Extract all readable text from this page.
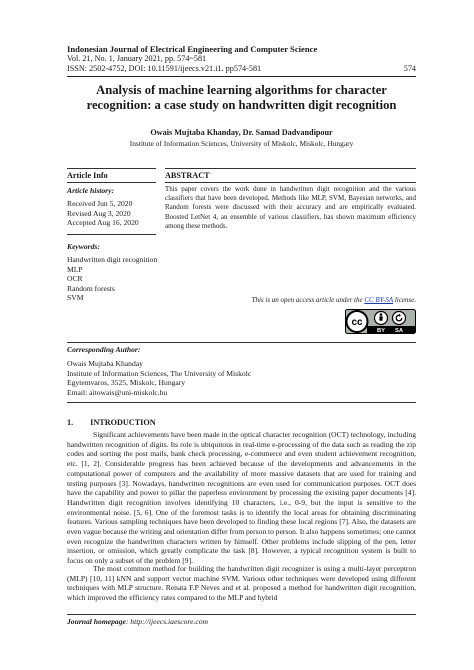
Indonesian Journal of Electrical Engineering and Computer Science
Vol. 21, No. 1, January 2021, pp. 574~581
ISSN: 2502-4752, DOI: 10.11591/ijeecs.v21.i1. pp574-581	574
Analysis of machine learning algorithms for character
recognition: a case study on handwritten digit recognition
Owais Mujtaba Khanday, Dr. Samad Dadvandipour
Institute of Information Sciences, University of Miskolc, Miskolc, Hungary
Article Info
Article history:
Received Jun 5, 2020
Revised Aug 3, 2020
Accepted Aug 16, 2020
Keywords:
Handwritten digit recognition
MLP
OCR
Random forests
SVM
ABSTRACT

This paper covers the work done in handwritten digit recognition and the various classifiers that have been developed. Methods like MLP, SVM, Bayesian networks, and Random forests were discussed with their accuracy and are empirically evaluated. Boosted LetNet 4, an ensemble of various classifiers, has shown maximum efficiency among these methods.

This is an open access article under the CC BY-SA license.
cc
BY SA
Corresponding Author:
Owais Mujtaba Khanday
Institute of Information Sciences, The University of Miskolc
Egytemvaros, 3525, Miskolc, Hungary
Email: aitowais@uni-miskolc.hu
1. INTRODUCTION

Significant achievements have been made in the optical character recognition (OCT) technology, including handwritten recognition of digits. Its role is ubiquitous in real-time e-processing of the data such as reading the zip codes and sorting the post mails, bank check processing, e-commerce and even student achievement recognition, etc. [1, 2]. Considerable progress has been achieved because of the developments and advancements in the computational power of computers and the availability of more massive datasets that are used for training and testing purposes [3]. Nowadays, handwritten recognitions are even used for communication purposes. OCT does have the capability and power to pillar the paperless environment by processing the existing paper documents [4]. Handwritten digit recognition involves identifying 10 characters, i.e., 0-9, but the input is sensitive to the environmental noise. [5, 6]. One of the foremost tasks is to identify the local areas for obtaining discriminating features. Various sampling techniques have been developed to finding these local regions [7]. Also, the datasets are even vague because the writing and orientation differ from person to person. It also happens sometimes; one cannot even recognize the handwritten characters written by himself. Other problems include slipping of the pen, letter insertion, or omission, which greatly complicate the task [8]. However, a typical recognition system is built to focus on only a subset of the problem [9].

The most common method for building the handwritten digit recognizer is using a multi-layer perceptron (MLP) [10, 11] kNN and support vector machine SVM. Various other techniques were developed using different techniques with MLP structure. Renata F.P Neves and et al. proposed a method for handwritten digit recognition, which improved the efficiency rates compared to the MLP and hybrid

Journal homepage: http://ijeecs.iaescore.com
